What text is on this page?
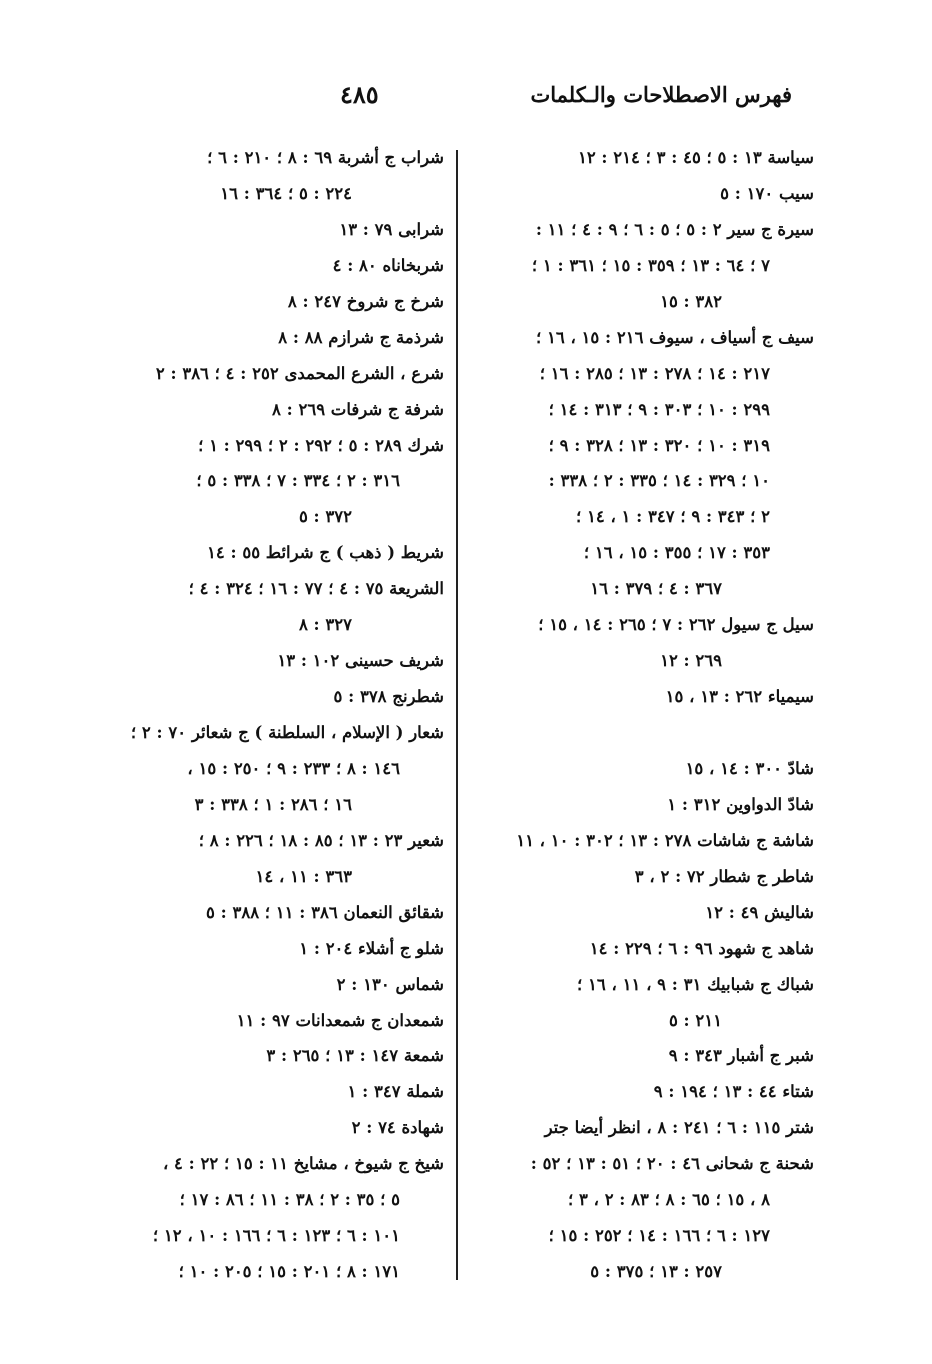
فهرس الاصطلاحات والـكلمات
٤٨٥
سياسة ١٣ : ٥ ؛ ٤٥ : ٣ ؛ ٢١٤ : ١٢
سيب ١٧٠ : ٥
سيرة ج سير ٢ : ٥ ؛ ٥ : ٦ ؛ ٩ : ٤ ؛ ١١ :
٧ ؛ ٦٤ : ١٣ ؛ ٣٥٩ : ١٥ ؛ ٣٦١ : ١ ؛
٣٨٢ : ١٥
سيف ج أسياف ، سيوف ٢١٦ : ١٥ ، ١٦ ؛
٢١٧ : ١٤ ؛ ٢٧٨ : ١٣ ؛ ٢٨٥ : ١٦ ؛
٢٩٩ : ١٠ ؛ ٣٠٣ : ٩ ؛ ٣١٣ : ١٤ ؛
٣١٩ : ١٠ ؛ ٣٢٠ : ١٣ ؛ ٣٢٨ : ٩ ؛
١٠ ؛ ٣٢٩ : ١٤ ؛ ٣٣٥ : ٢ ؛ ٣٣٨ :
٢ ؛ ٣٤٣ : ٩ ؛ ٣٤٧ : ١ ، ١٤ ؛
٣٥٣ : ١٧ ؛ ٣٥٥ : ١٥ ، ١٦ ؛
٣٦٧ : ٤ ؛ ٣٧٩ : ١٦
سيل ج سيول ٢٦٢ : ٧ ؛ ٢٦٥ : ١٤ ، ١٥ ؛
٢٦٩ : ١٢
سيمياء ٢٦٢ : ١٣ ، ١٥
شادّ ٣٠٠ : ١٤ ، ١٥
شادّ الدواوين ٣١٢ : ١
شاشة ج شاشات ٢٧٨ : ١٣ ؛ ٣٠٢ : ١٠ ، ١١
شاطر ج شطار ٧٢ : ٢ ، ٣
شاليش ٤٩ : ١٢
شاهد ج شهود ٩٦ : ٦ ؛ ٢٢٩ : ١٤
شباك ج شبابيك ٣١ : ٩ ، ١١ ، ١٦ ؛
٢١١ : ٥
شبر ج أشبار ٣٤٣ : ٩
شتاء ٤٤ : ١٣ ؛ ١٩٤ : ٩
شتر ١١٥ : ٦ ؛ ٢٤١ : ٨ ، انظر أيضا جتر
شحنة ج شحانى ٤٦ : ٢٠ ؛ ٥١ : ١٣ ؛ ٥٢ :
٨ ، ١٥ ؛ ٦٥ : ٨ ؛ ٨٣ : ٢ ، ٣ ؛
١٢٧ : ٦ ؛ ١٦٦ : ١٤ ؛ ٢٥٢ : ١٥ ؛
٢٥٧ : ١٣ ؛ ٣٧٥ : ٥
شراب ج أشربة ٦٩ : ٨ ؛ ٢١٠ : ٦ ؛
٢٢٤ : ٥ ؛ ٣٦٤ : ١٦
شرابى ٧٩ : ١٣
شربخاناه ٨٠ : ٤
شرخ ج شروخ ٢٤٧ : ٨
شرذمة ج شرازم ٨٨ : ٨
شرع ، الشرع المحمدى ٢٥٢ : ٤ ؛ ٣٨٦ : ٢
شرفة ج شرفات ٢٦٩ : ٨
شرك ٢٨٩ : ٥ ؛ ٢٩٢ : ٢ ؛ ٢٩٩ : ١ ؛
٣١٦ : ٢ ؛ ٣٣٤ : ٧ ؛ ٣٣٨ : ٥ ؛
٣٧٢ : ٥
شريط ( ذهب ) ج شرائط ٥٥ : ١٤
الشريعة ٧٥ : ٤ ؛ ٧٧ : ١٦ ؛ ٣٢٤ : ٤ ؛
٣٢٧ : ٨
شريف حسينى ١٠٢ : ١٣
شطرنج ٣٧٨ : ٥
شعار ( الإسلام ، السلطنة ) ج شعائر ٧٠ : ٢ ؛
١٤٦ : ٨ ؛ ٢٣٣ : ٩ ؛ ٢٥٠ : ١٥ ،
١٦ ؛ ٢٨٦ : ١ ؛ ٣٣٨ : ٣
شعير ٢٣ : ١٣ ؛ ٨٥ : ١٨ ؛ ٢٢٦ : ٨ ؛
٣٦٣ : ١١ ، ١٤
شقائق النعمان ٣٨٦ : ١١ ؛ ٣٨٨ : ٥
شلو ج أشلاء ٢٠٤ : ١
شماس ١٣٠ : ٢
شمعدان ج شمعدانات ٩٧ : ١١
شمعة ١٤٧ : ١٣ ؛ ٢٦٥ : ٣
شملة ٣٤٧ : ١
شهادة ٧٤ : ٢
شيخ ج شيوخ ، مشايخ ١١ : ١٥ ؛ ٢٢ : ٤ ،
٥ ؛ ٣٥ : ٢ ؛ ٣٨ : ١١ ؛ ٨٦ : ١٧ ؛
١٠١ : ٦ ؛ ١٢٣ : ٦ ؛ ١٦٦ : ١٠ ، ١٢ ؛
١٧١ : ٨ ؛ ٢٠١ : ١٥ ؛ ٢٠٥ : ١٠ ؛
